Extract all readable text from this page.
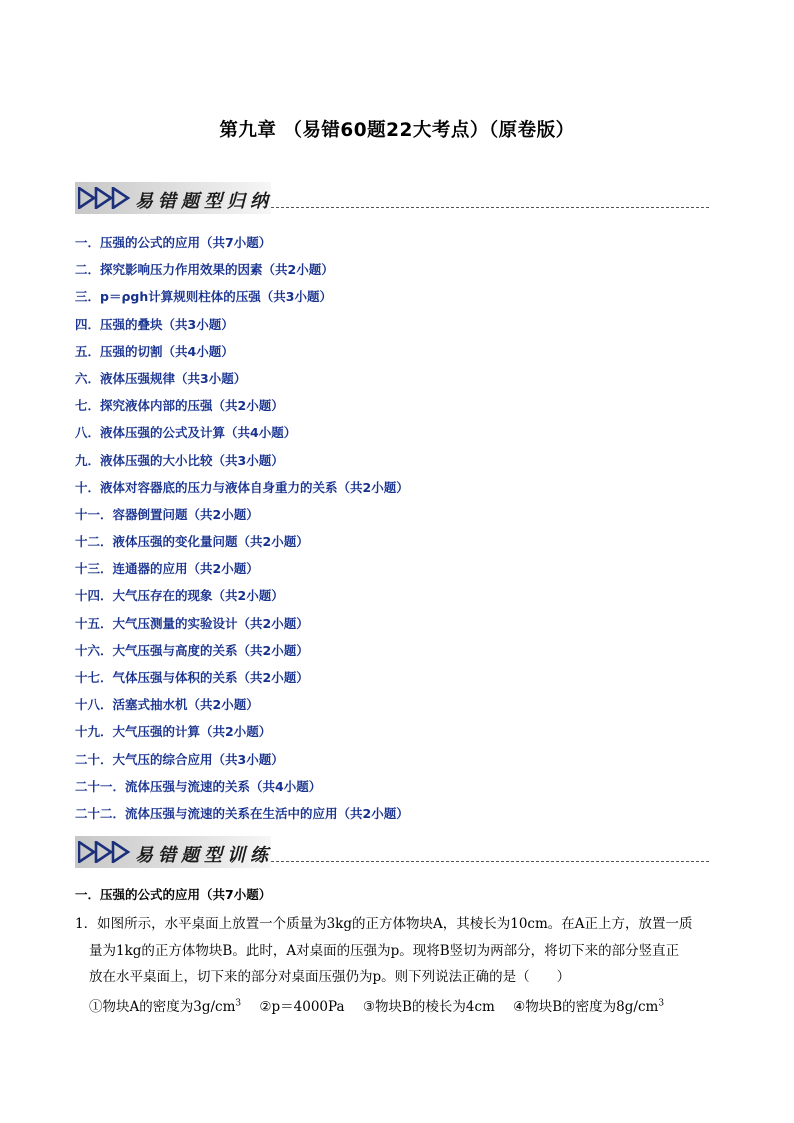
第九章 （易错60题22大考点）（原卷版）
易错题型归纳
一．压强的公式的应用（共7小题）
二．探究影响压力作用效果的因素（共2小题）
三．p＝ρgh计算规则柱体的压强（共3小题）
四．压强的叠块（共3小题）
五．压强的切割（共4小题）
六．液体压强规律（共3小题）
七．探究液体内部的压强（共2小题）
八．液体压强的公式及计算（共4小题）
九．液体压强的大小比较（共3小题）
十．液体对容器底的压力与液体自身重力的关系（共2小题）
十一．容器倒置问题（共2小题）
十二．液体压强的变化量问题（共2小题）
十三．连通器的应用（共2小题）
十四．大气压存在的现象（共2小题）
十五．大气压测量的实验设计（共2小题）
十六．大气压强与高度的关系（共2小题）
十七．气体压强与体积的关系（共2小题）
十八．活塞式抽水机（共2小题）
十九．大气压强的计算（共2小题）
二十．大气压的综合应用（共3小题）
二十一．流体压强与流速的关系（共4小题）
二十二．流体压强与流速的关系在生活中的应用（共2小题）
易错题型训练
一．压强的公式的应用（共7小题）
1．如图所示，水平桌面上放置一个质量为3kg的正方体物块A，其棱长为10cm。在A正上方，放置一质
量为1kg的正方体物块B。此时，A对桌面的压强为p。现将B竖切为两部分，将切下来的部分竖直正
放在水平桌面上，切下来的部分对桌面压强仍为p。则下列说法正确的是（　　）
①物块A的密度为$3g/cm^3$ ②p＝4000Pa ③物块B的棱长为4cm ④物块B的密度为$8g/cm^3$
